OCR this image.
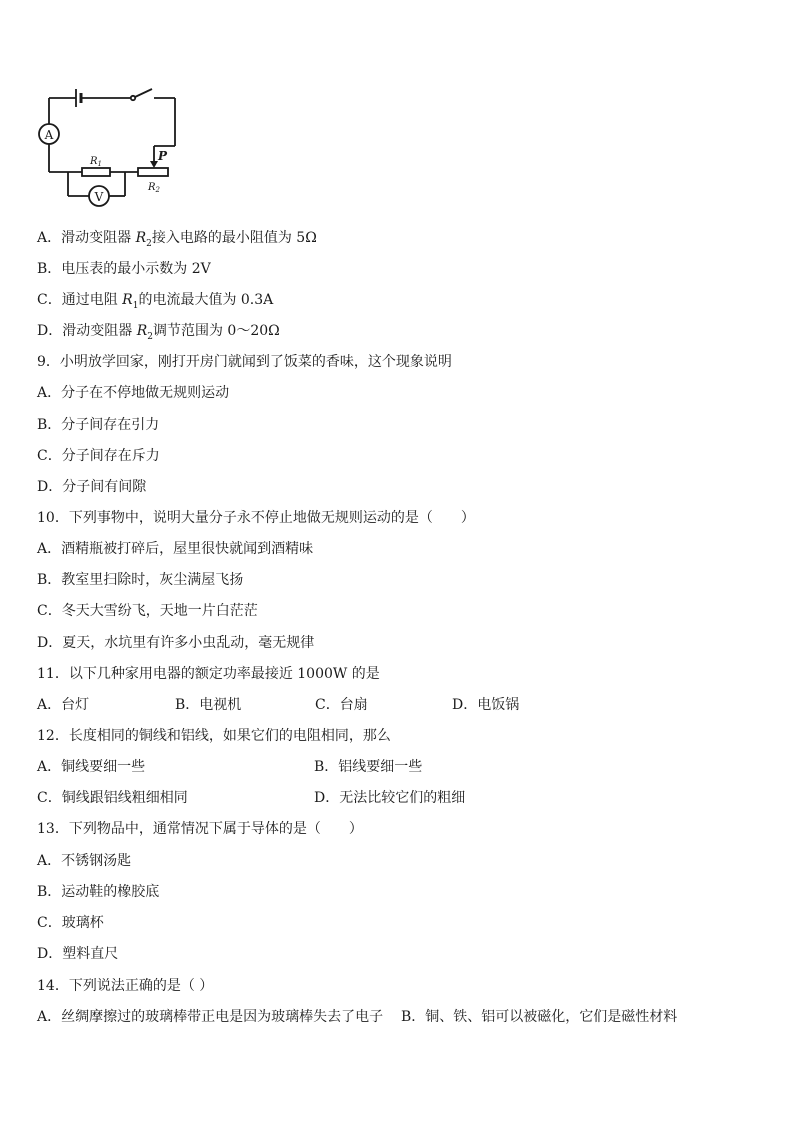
A
V
$R_1$
$R_2$
P
A．滑动变阻器 $R_2$接入电路的最小阻值为 5Ω
B．电压表的最小示数为 2V
C．通过电阻 $R_1$的电流最大值为 0.3A
D．滑动变阻器 $R_2$调节范围为 0～20Ω
9．小明放学回家，刚打开房门就闻到了饭菜的香味，这个现象说明
A．分子在不停地做无规则运动
B．分子间存在引力
C．分子间存在斥力
D．分子间有间隙
10．下列事物中，说明大量分子永不停止地做无规则运动的是（　　）
A．酒精瓶被打碎后，屋里很快就闻到酒精味
B．教室里扫除时，灰尘满屋飞扬
C．冬天大雪纷飞，天地一片白茫茫
D．夏天，水坑里有许多小虫乱动，毫无规律
11．以下几种家用电器的额定功率最接近 1000W 的是
A．台灯	B．电视机	C．台扇	D．电饭锅
12．长度相同的铜线和铝线，如果它们的电阻相同，那么
A．铜线要细一些	B．铝线要细一些
C．铜线跟铝线粗细相同	D．无法比较它们的粗细
13．下列物品中，通常情况下属于导体的是（　　）
A．不锈钢汤匙
B．运动鞋的橡胶底
C．玻璃杯
D．塑料直尺
14．下列说法正确的是（ ）
A．丝绸摩擦过的玻璃棒带正电是因为玻璃棒失去了电子 B．铜、铁、铝可以被磁化，它们是磁性材料
